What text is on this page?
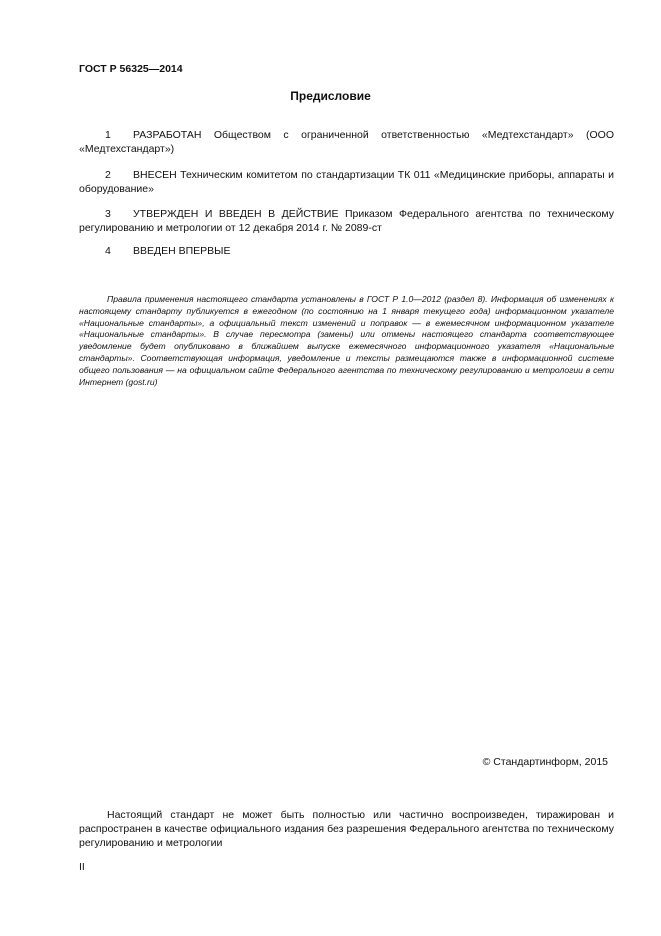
ГОСТ Р 56325—2014
Предисловие
1 РАЗРАБОТАН Обществом с ограниченной ответственностью «Медтехстандарт» (ООО «Медтехстандарт»)
2 ВНЕСЕН Техническим комитетом по стандартизации ТК 011 «Медицинские приборы, аппараты и оборудование»
3 УТВЕРЖДЕН И ВВЕДЕН В ДЕЙСТВИЕ Приказом Федерального агентства по техническому регулированию и метрологии от 12 декабря 2014 г. № 2089-ст
4 ВВЕДЕН ВПЕРВЫЕ
Правила применения настоящего стандарта установлены в ГОСТ Р 1.0—2012 (раздел 8). Информация об изменениях к настоящему стандарту публикуется в ежегодном (по состоянию на 1 января текущего года) информационном указателе «Национальные стандарты», а официальный текст изменений и поправок — в ежемесячном информационном указателе «Национальные стандарты». В случае пересмотра (замены) или отмены настоящего стандарта соответствующее уведомление будет опубликовано в ближайшем выпуске ежемесячного информационного указателя «Национальные стандарты». Соответствующая информация, уведомление и тексты размещаются также в информационной системе общего пользования — на официальном сайте Федерального агентства по техническому регулированию и метрологии в сети Интернет (gost.ru)
© Стандартинформ, 2015
Настоящий стандарт не может быть полностью или частично воспроизведен, тиражирован и распространен в качестве официального издания без разрешения Федерального агентства по техническому регулированию и метрологии
II
